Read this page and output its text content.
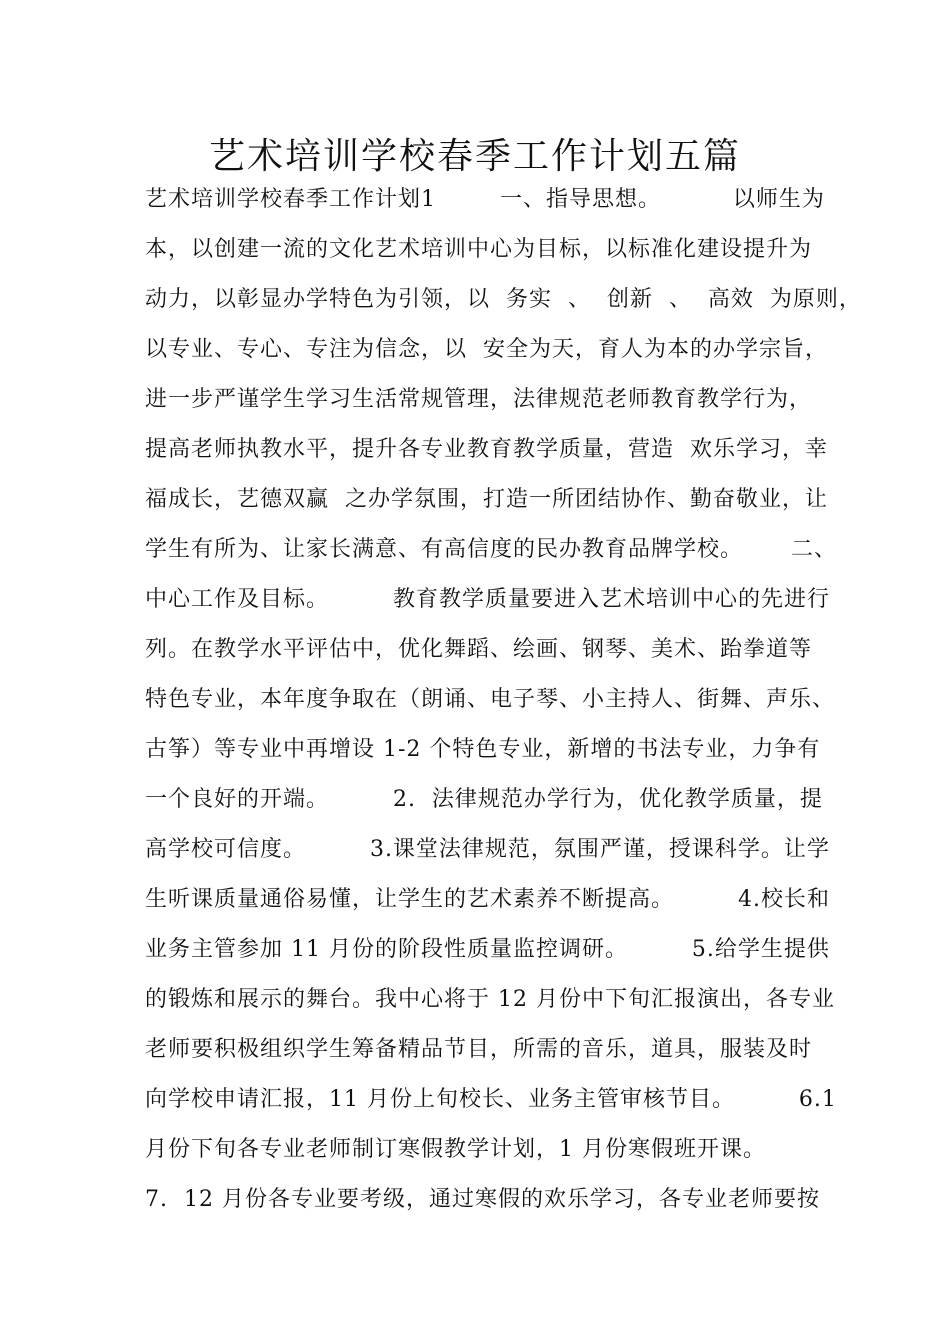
艺术培训学校春季工作计划五篇
艺术培训学校春季工作计划1        一、指导思想。         以师生为
本，以创建一流的文化艺术培训中心为目标，以标准化建设提升为
动力，以彰显办学特色为引领，以  务实  、  创新  、  高效  为原则，
以专业、专心、专注为信念，以  安全为天，育人为本的办学宗旨，
进一步严谨学生学习生活常规管理，法律规范老师教育教学行为，
提高老师执教水平，提升各专业教育教学质量，营造  欢乐学习，幸
福成长，艺德双赢  之办学氛围，打造一所团结协作、勤奋敬业，让
学生有所为、让家长满意、有高信度的民办教育品牌学校。      二、
中心工作及目标。        教育教学质量要进入艺术培训中心的先进行
列。在教学水平评估中，优化舞蹈、绘画、钢琴、美术、跆拳道等
特色专业，本年度争取在（朗诵、电子琴、小主持人、街舞、声乐、
古筝）等专业中再增设 1-2 个特色专业，新增的书法专业，力争有
一个良好的开端。        2.  法律规范办学行为，优化教学质量，提
高学校可信度。        3.课堂法律规范，氛围严谨，授课科学。让学
生听课质量通俗易懂，让学生的艺术素养不断提高。        4.校长和
业务主管参加 11 月份的阶段性质量监控调研。        5.给学生提供
的锻炼和展示的舞台。我中心将于 12 月份中下旬汇报演出，各专业
老师要积极组织学生筹备精品节目，所需的音乐，道具，服装及时
向学校申请汇报，11 月份上旬校长、业务主管审核节目。        6.1
月份下旬各专业老师制订寒假教学计划，1 月份寒假班开课。
7.  12 月份各专业要考级，通过寒假的欢乐学习，各专业老师要按
